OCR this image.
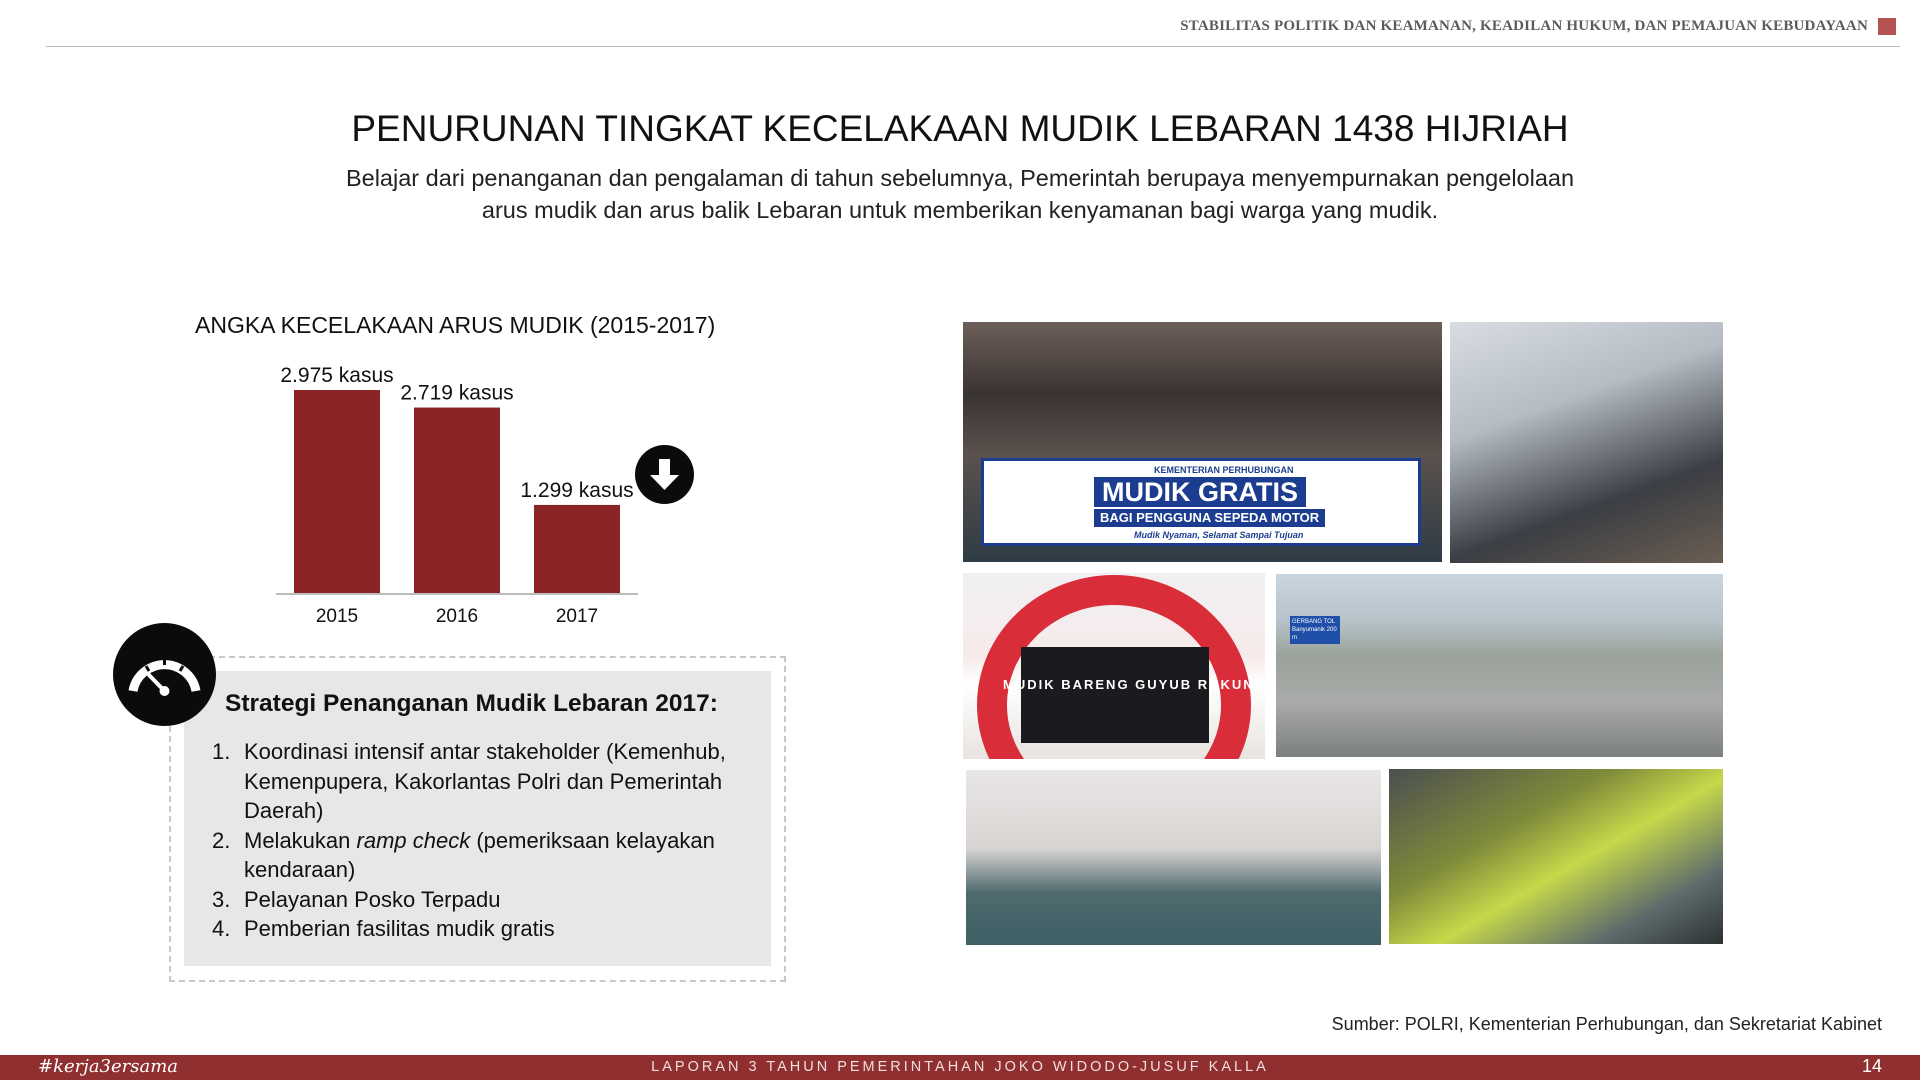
STABILITAS POLITIK DAN KEAMANAN, KEADILAN HUKUM, DAN PEMAJUAN KEBUDAYAAN
PENURUNAN TINGKAT KECELAKAAN MUDIK LEBARAN 1438 HIJRIAH

Belajar dari penanganan dan pengalaman di tahun sebelumnya, Pemerintah berupaya menyempurnakan pengelolaan arus mudik dan arus balik Lebaran untuk memberikan kenyamanan bagi warga yang mudik.

ANGKA KECELAKAAN ARUS MUDIK (2015-2017)
2.975 kasus
2.719 kasus
1.299 kasus
2015	2016	2017
Strategi Penanganan Mudik Lebaran 2017:
1. Koordinasi intensif antar stakeholder (Kemenhub, Kemenpupera, Kakorlantas Polri dan Pemerintah Daerah)
2. Melakukan ramp check (pemeriksaan kelayakan kendaraan)
3. Pelayanan Posko Terpadu
4. Pemberian fasilitas mudik gratis
KEMENTERIAN PERHUBUNGAN
MUDIK GRATIS
BAGI PENGGUNA SEPEDA MOTOR
Mudik Nyaman, Selamat Sampai Tujuan
MUDIK BARENG GUYUB RUKUN
GERBANG TOL Banyumanik 200 m
Sumber: POLRI, Kementerian Perhubungan, dan Sekretariat Kabinet
#kerja3ersama	LAPORAN 3 TAHUN PEMERINTAHAN JOKO WIDODO-JUSUF KALLA	14
